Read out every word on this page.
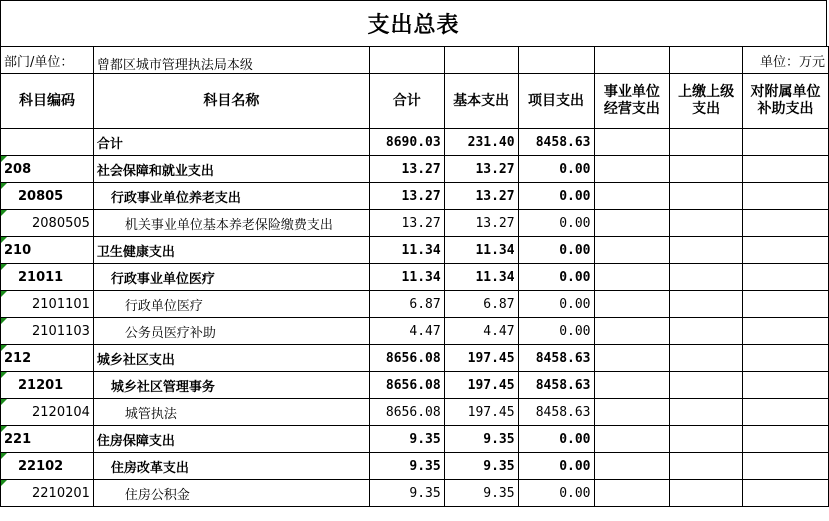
支出总表
部门/单位：	曾都区城市管理执法局本级						单位：万元
科目编码	科目名称	合计	基本支出	项目支出	事业单位经营支出	上缴上级支出	对附属单位补助支出
	合计	8690.03	231.40	8458.63			

208	社会保障和就业支出	13.27	13.27	0.00			

20805	行政事业单位养老支出	13.27	13.27	0.00			

2080505	机关事业单位基本养老保险缴费支出	13.27	13.27	0.00			

210	卫生健康支出	11.34	11.34	0.00			

21011	行政事业单位医疗	11.34	11.34	0.00			

2101101	行政单位医疗	6.87	6.87	0.00			

2101103	公务员医疗补助	4.47	4.47	0.00			

212	城乡社区支出	8656.08	197.45	8458.63			

21201	城乡社区管理事务	8656.08	197.45	8458.63			

2120104	城管执法	8656.08	197.45	8458.63			

221	住房保障支出	9.35	9.35	0.00			

22102	住房改革支出	9.35	9.35	0.00			

2210201	住房公积金	9.35	9.35	0.00			
